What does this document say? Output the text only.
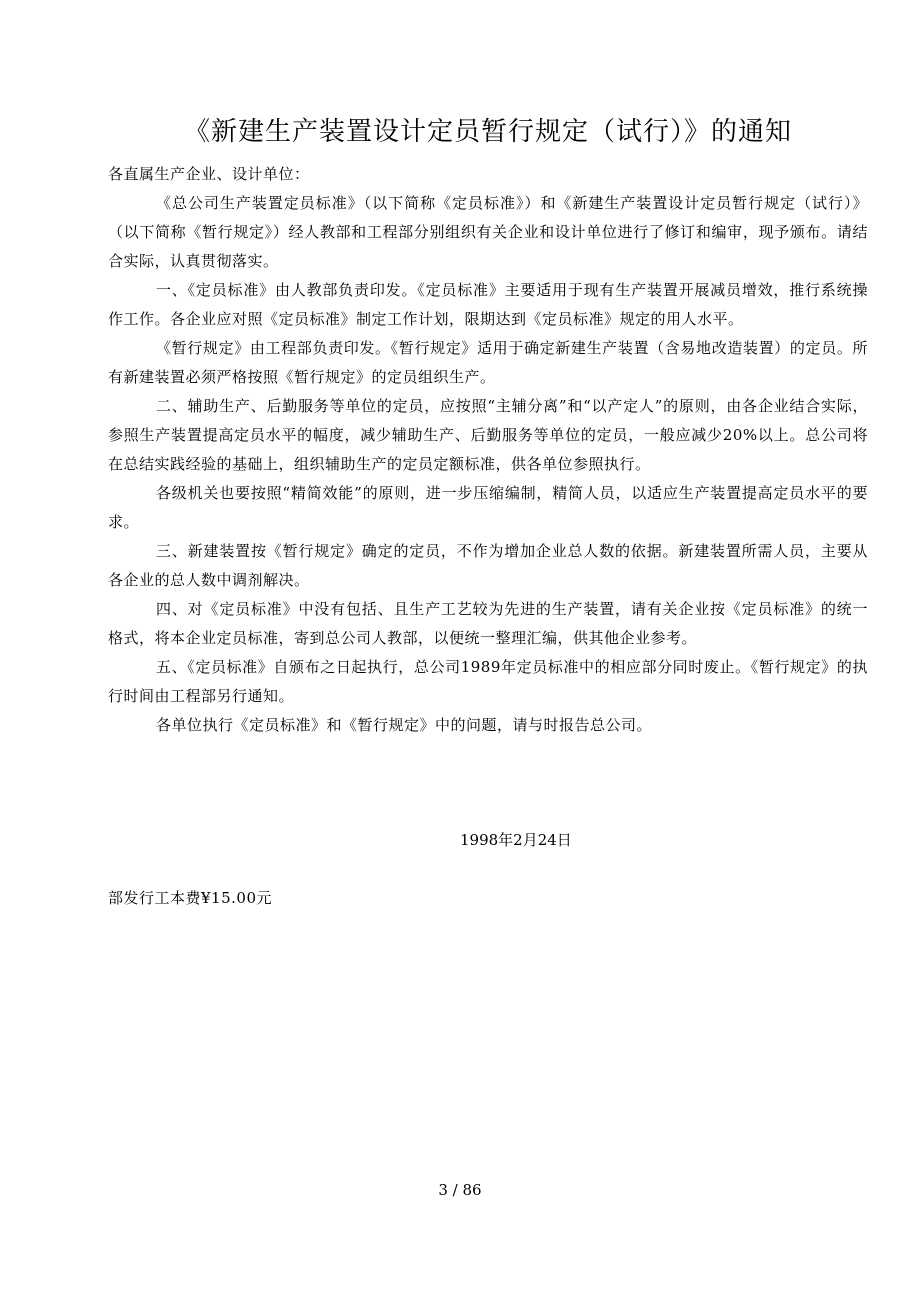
《新建生产装置设计定员暂行规定（试行）》的通知

各直属生产企业、设计单位：

《总公司生产装置定员标准》（以下简称《定员标准》）和《新建生产装置设计定员暂行规定（试行）》（以下简称《暂行规定》）经人教部和工程部分别组织有关企业和设计单位进行了修订和编审，现予颁布。请结合实际，认真贯彻落实。

一、《定员标准》由人教部负责印发。《定员标准》主要适用于现有生产装置开展减员增效，推行系统操作工作。各企业应对照《定员标准》制定工作计划，限期达到《定员标准》规定的用人水平。

《暂行规定》由工程部负责印发。《暂行规定》适用于确定新建生产装置（含易地改造装置）的定员。所有新建装置必须严格按照《暂行规定》的定员组织生产。

二、辅助生产、后勤服务等单位的定员，应按照“主辅分离”和“以产定人”的原则，由各企业结合实际，参照生产装置提高定员水平的幅度，减少辅助生产、后勤服务等单位的定员，一般应减少20%以上。总公司将在总结实践经验的基础上，组织辅助生产的定员定额标准，供各单位参照执行。

各级机关也要按照“精简效能”的原则，进一步压缩编制，精简人员，以适应生产装置提高定员水平的要求。

三、新建装置按《暂行规定》确定的定员，不作为增加企业总人数的依据。新建装置所需人员，主要从各企业的总人数中调剂解决。

四、对《定员标准》中没有包括、且生产工艺较为先进的生产装置，请有关企业按《定员标准》的统一格式，将本企业定员标准，寄到总公司人教部，以便统一整理汇编，供其他企业参考。

五、《定员标准》自颁布之日起执行，总公司1989年定员标准中的相应部分同时废止。《暂行规定》的执行时间由工程部另行通知。

各单位执行《定员标准》和《暂行规定》中的问题，请与时报告总公司。

1998年2月24日
部发行工本费¥15.00元
3 / 86
